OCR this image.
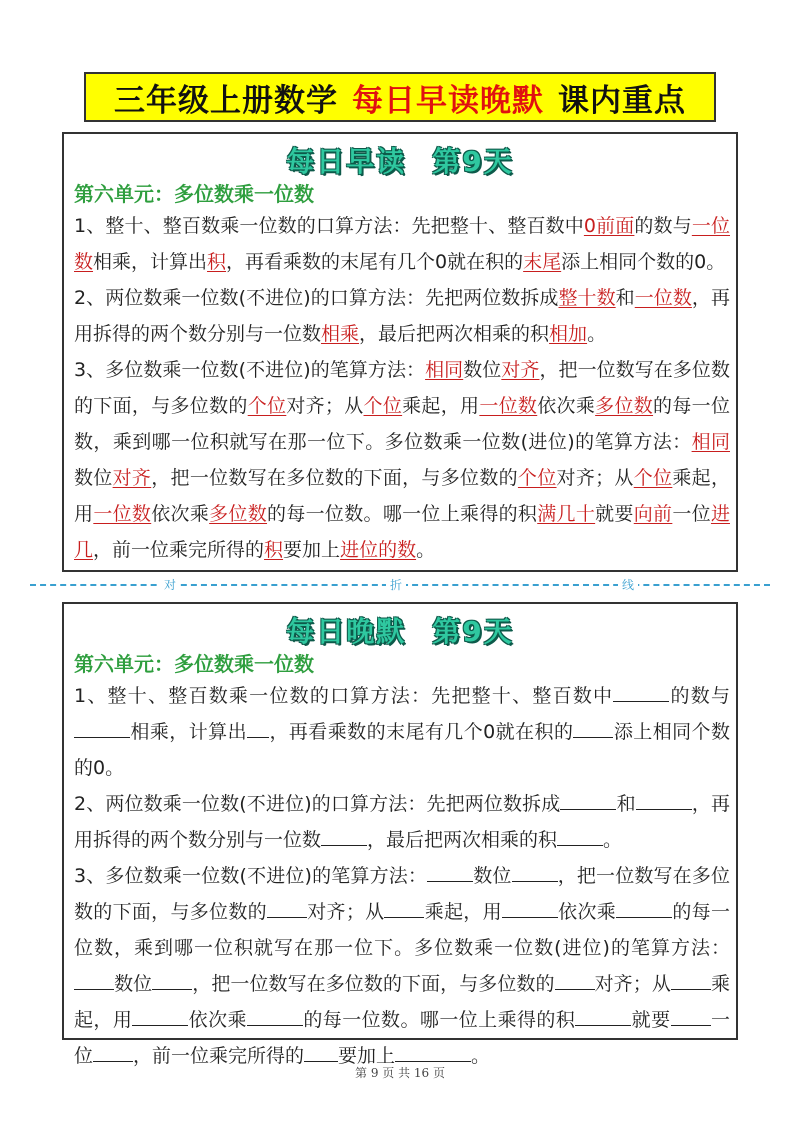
三年级上册数学 每日早读晚默 课内重点
每日早读 第9天
第六单元：多位数乘一位数

1、整十、整百数乘一位数的口算方法：先把整十、整百数中0前面的数与一位数相乘，计算出积，再看乘数的末尾有几个0就在积的末尾添上相同个数的0。

2、两位数乘一位数(不进位)的口算方法：先把两位数拆成整十数和一位数，再用拆得的两个数分别与一位数相乘，最后把两次相乘的积相加。

3、多位数乘一位数(不进位)的笔算方法：相同数位对齐，把一位数写在多位数的下面，与多位数的个位对齐；从个位乘起，用一位数依次乘多位数的每一位数，乘到哪一位积就写在那一位下。多位数乘一位数(进位)的笔算方法：相同数位对齐，把一位数写在多位数的下面，与多位数的个位对齐；从个位乘起，用一位数依次乘多位数的每一位数。哪一位上乘得的积满几十就要向前一位进几，前一位乘完所得的积要加上进位的数。

对	折	线
每日晚默 第9天
第六单元：多位数乘一位数

1、整十、整百数乘一位数的口算方法：先把整十、整百数中	的数与相乘，计算出 ，再看乘数的末尾有几个0就在积的 添上相同个数的0。

2、两位数乘一位数(不进位)的口算方法：先把两位数拆成	和	，再用拆得的两个数分别与一位数 ，最后把两次相乘的积 。

3、多位数乘一位数(不进位)的笔算方法： 数位 ，把一位数写在多位数的下面，与多位数的 对齐；从 乘起，用	依次乘	的每一位数，乘到哪一位积就写在那一位下。多位数乘一位数(进位)的笔算方法：数位 ，把一位数写在多位数的下面，与多位数的 对齐；从 乘起，用	依次乘	的每一位数。哪一位上乘得的积	就要 一位 ，前一位乘完所得的 要加上	。

第 9 页 共 16 页
